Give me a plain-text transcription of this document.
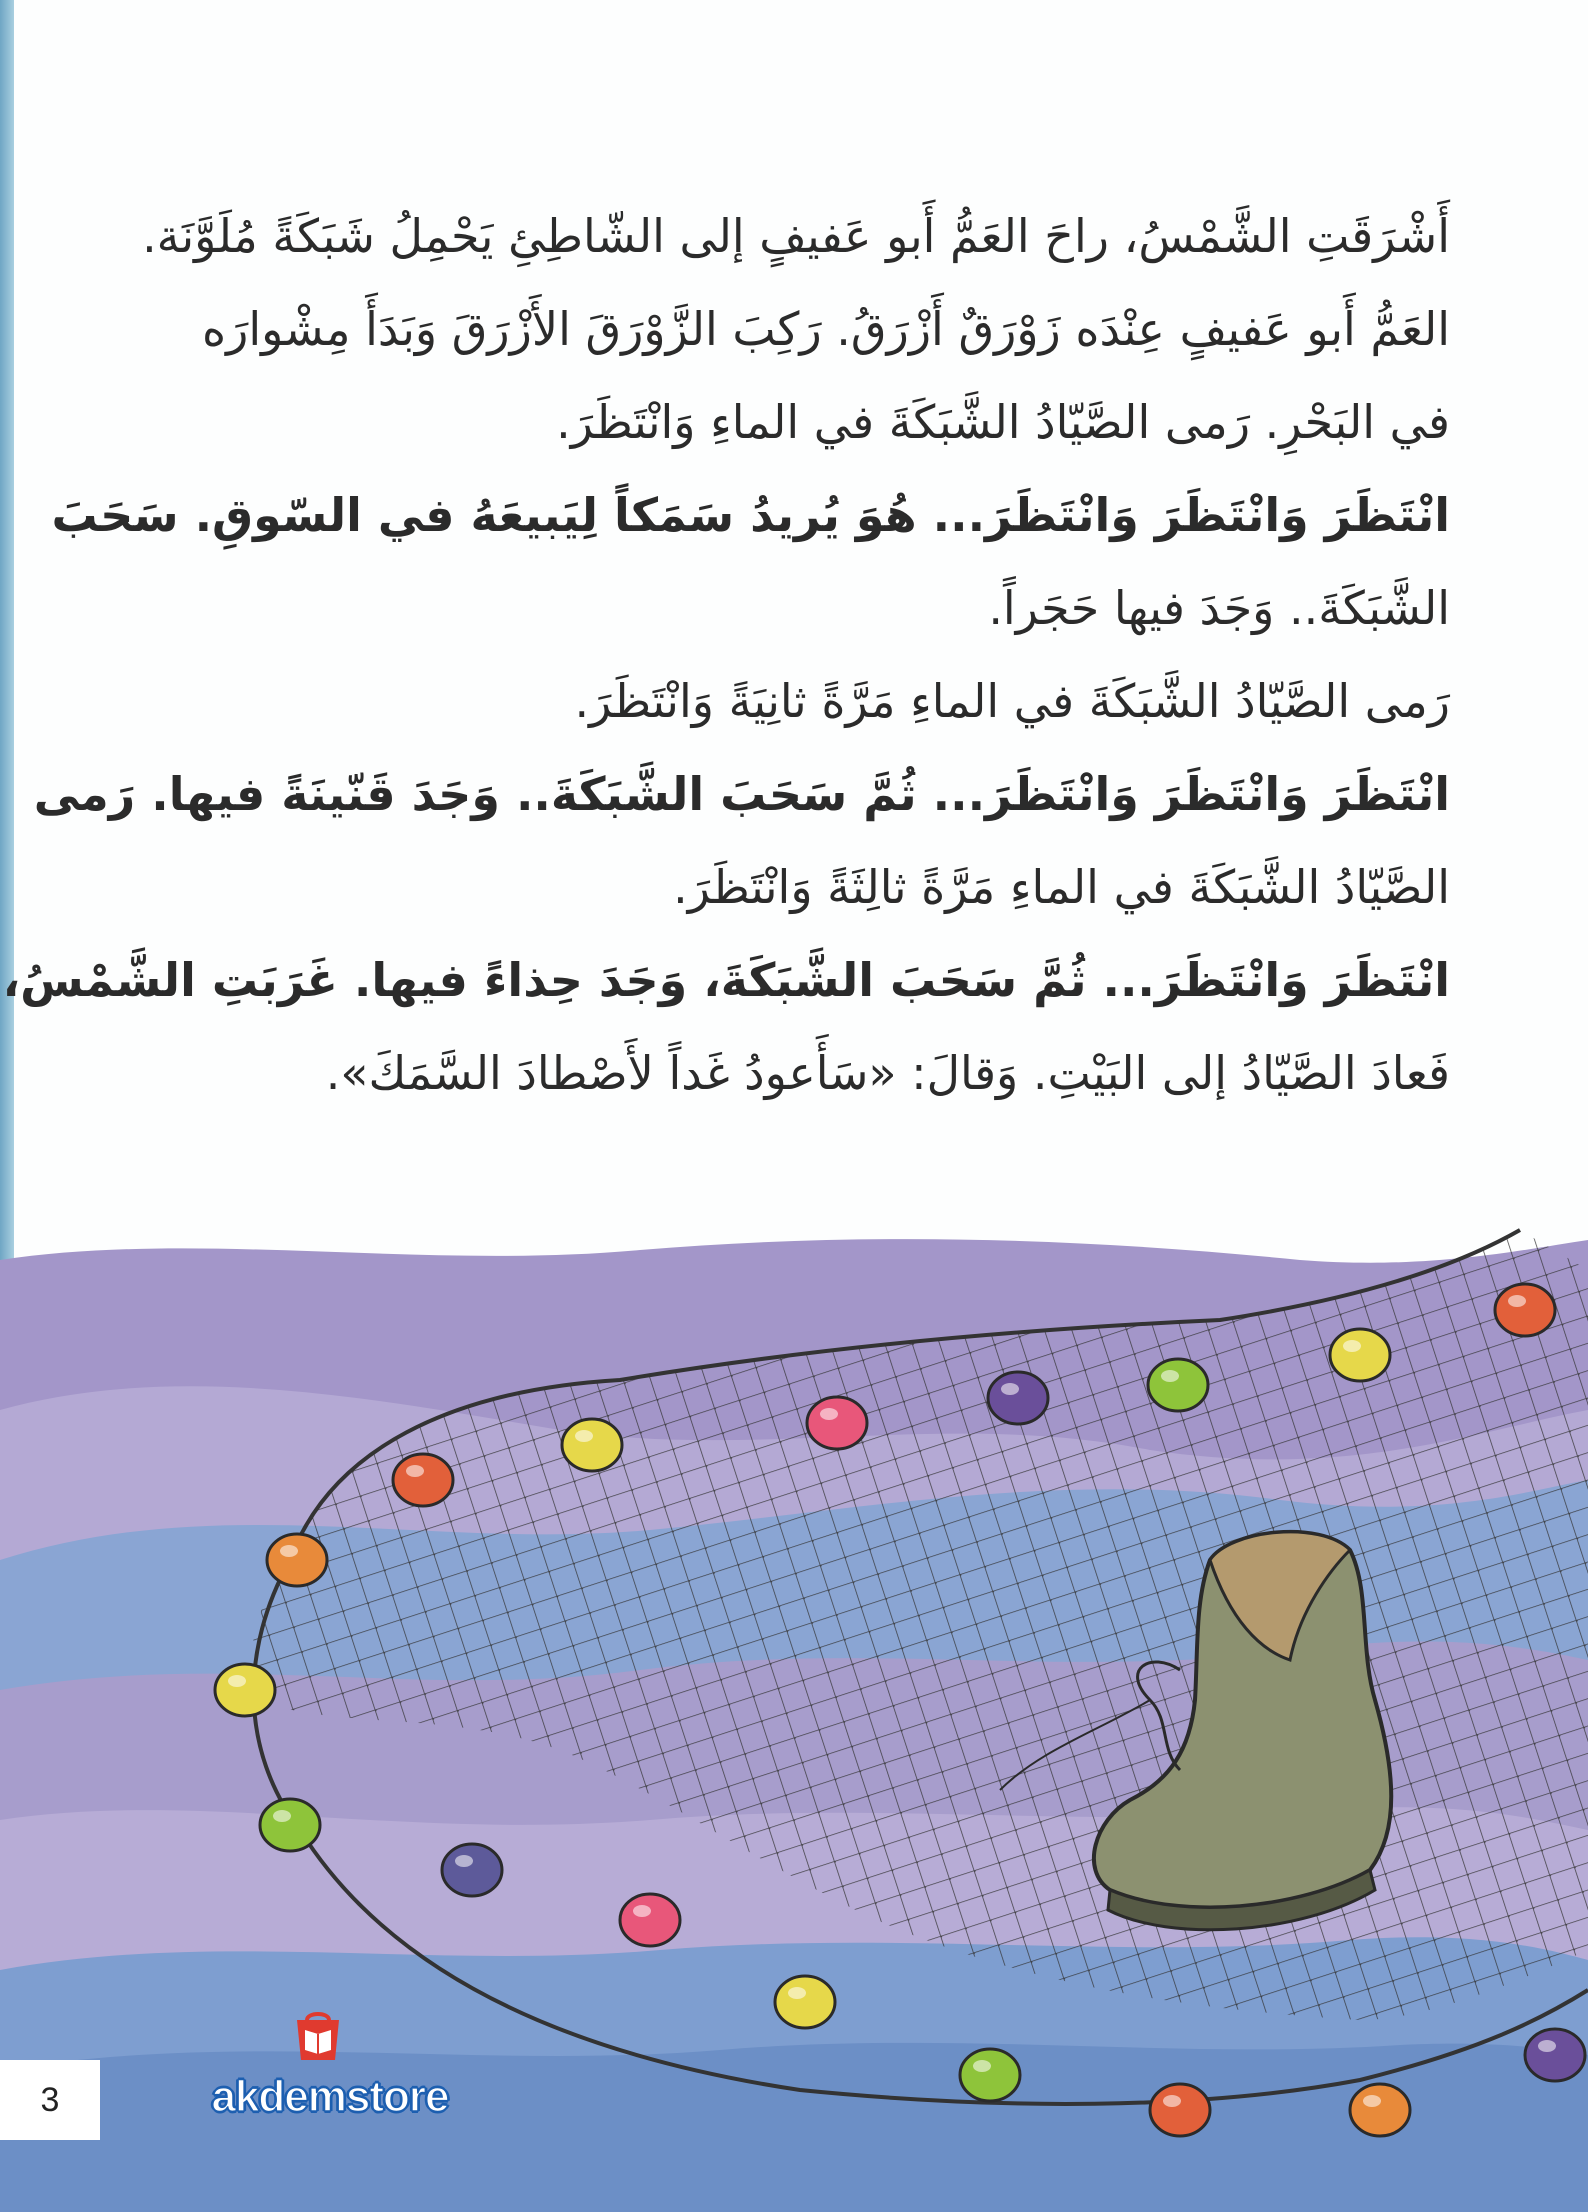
أَشْرَقَتِ الشَّمْسُ، راحَ العَمُّ أَبو عَفيفٍ إلى الشّاطِئِ يَحْمِلُ شَبَكَةً مُلَوَّنَة.
العَمُّ أَبو عَفيفٍ عِنْدَه زَوْرَقٌ أَزْرَقُ. رَكِبَ الزَّوْرَقَ الأَزْرَقَ وَبَدَأَ مِشْوارَه
في البَحْرِ. رَمى الصَّيّادُ الشَّبَكَةَ في الماءِ وَانْتَظَرَ.
انْتَظَرَ وَانْتَظَرَ وَانْتَظَرَ... هُوَ يُريدُ سَمَكاً لِيَبيعَهُ في السّوقِ. سَحَبَ
الشَّبَكَةَ.. وَجَدَ فيها حَجَراً.
رَمى الصَّيّادُ الشَّبَكَةَ في الماءِ مَرَّةً ثانِيَةً وَانْتَظَرَ.
انْتَظَرَ وَانْتَظَرَ وَانْتَظَرَ... ثُمَّ سَحَبَ الشَّبَكَةَ.. وَجَدَ قَنّينَةً فيها. رَمى
الصَّيّادُ الشَّبَكَةَ في الماءِ مَرَّةً ثالِثَةً وَانْتَظَرَ.
انْتَظَرَ وَانْتَظَرَ... ثُمَّ سَحَبَ الشَّبَكَةَ، وَجَدَ حِذاءً فيها. غَرَبَتِ الشَّمْسُ،
فَعادَ الصَّيّادُ إلى البَيْتِ. وَقالَ: «سَأَعودُ غَداً لأَصْطادَ السَّمَكَ».
3	akdemstore
